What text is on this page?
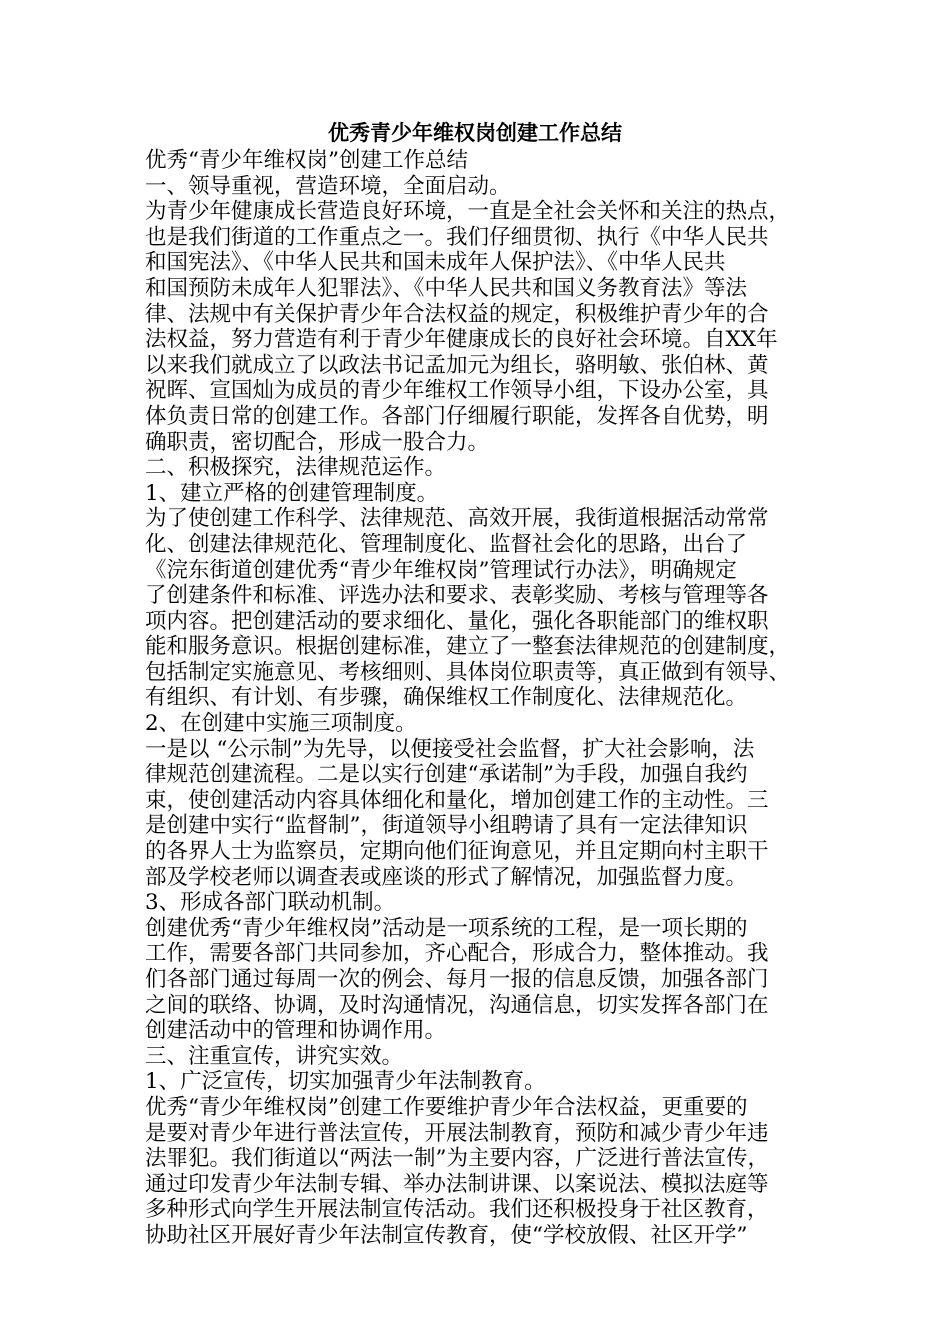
优秀青少年维权岗创建工作总结
优秀“青少年维权岗”创建工作总结
一、领导重视，营造环境，全面启动。
为青少年健康成长营造良好环境，一直是全社会关怀和关注的热点，
也是我们街道的工作重点之一。我们仔细贯彻、执行《中华人民共
和国宪法》、《中华人民共和国未成年人保护法》、《中华人民共
和国预防未成年人犯罪法》、《中华人民共和国义务教育法》等法
律、法规中有关保护青少年合法权益的规定，积极维护青少年的合
法权益，努力营造有利于青少年健康成长的良好社会环境。自XX年
以来我们就成立了以政法书记孟加元为组长，骆明敏、张伯林、黄
祝晖、宣国灿为成员的青少年维权工作领导小组，下设办公室，具
体负责日常的创建工作。各部门仔细履行职能，发挥各自优势，明
确职责，密切配合，形成一股合力。
二、积极探究，法律规范运作。
1、建立严格的创建管理制度。
为了使创建工作科学、法律规范、高效开展，我街道根据活动常常
化、创建法律规范化、管理制度化、监督社会化的思路，出台了
《浣东街道创建优秀“青少年维权岗”管理试行办法》，明确规定
了创建条件和标准、评选办法和要求、表彰奖励、考核与管理等各
项内容。把创建活动的要求细化、量化，强化各职能部门的维权职
能和服务意识。根据创建标准，建立了一整套法律规范的创建制度，
包括制定实施意见、考核细则、具体岗位职责等，真正做到有领导、
有组织、有计划、有步骤，确保维权工作制度化、法律规范化。
2、在创建中实施三项制度。
一是以 “公示制”为先导，以便接受社会监督，扩大社会影响，法
律规范创建流程。二是以实行创建“承诺制”为手段，加强自我约
束，使创建活动内容具体细化和量化，增加创建工作的主动性。三
是创建中实行“监督制”，街道领导小组聘请了具有一定法律知识
的各界人士为监察员，定期向他们征询意见，并且定期向村主职干
部及学校老师以调查表或座谈的形式了解情况，加强监督力度。
3、形成各部门联动机制。
创建优秀“青少年维权岗”活动是一项系统的工程，是一项长期的
工作，需要各部门共同参加，齐心配合，形成合力，整体推动。我
们各部门通过每周一次的例会、每月一报的信息反馈，加强各部门
之间的联络、协调，及时沟通情况，沟通信息，切实发挥各部门在
创建活动中的管理和协调作用。
三、注重宣传，讲究实效。
1、广泛宣传，切实加强青少年法制教育。
优秀“青少年维权岗”创建工作要维护青少年合法权益，更重要的
是要对青少年进行普法宣传，开展法制教育，预防和减少青少年违
法罪犯。我们街道以“两法一制”为主要内容，广泛进行普法宣传，
通过印发青少年法制专辑、举办法制讲课、以案说法、模拟法庭等
多种形式向学生开展法制宣传活动。我们还积极投身于社区教育，
协助社区开展好青少年法制宣传教育，使“学校放假、社区开学”
